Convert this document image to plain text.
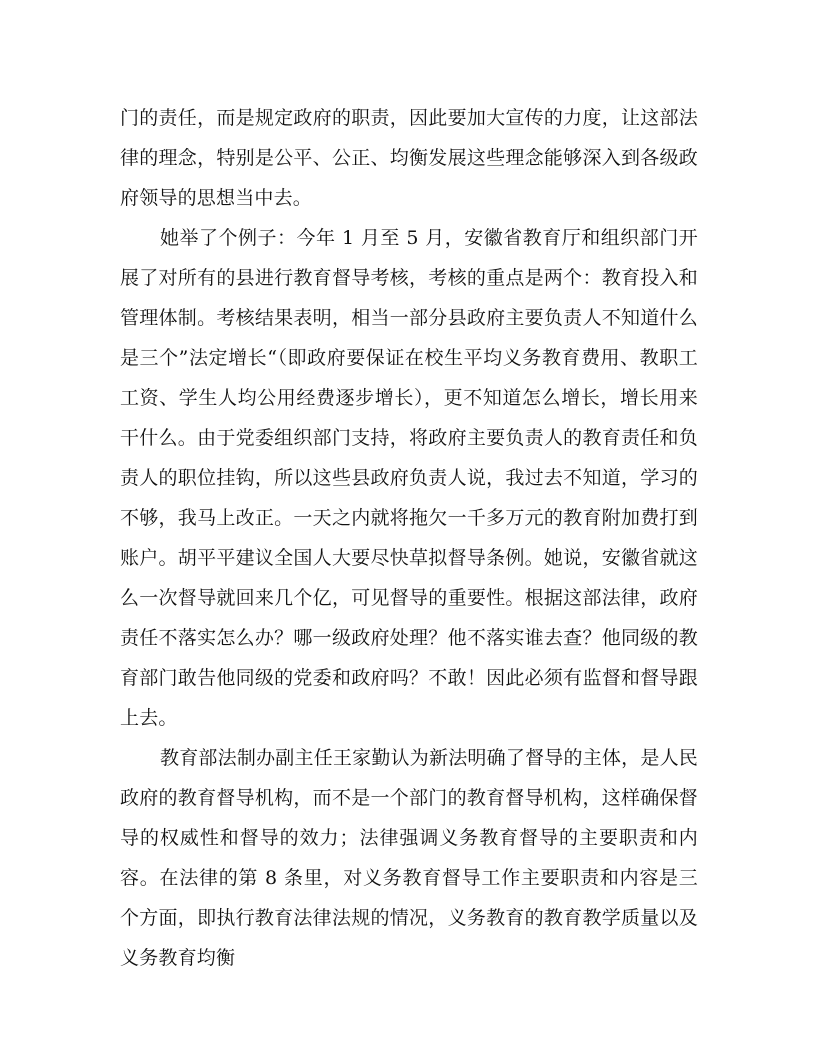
门的责任，而是规定政府的职责，因此要加大宣传的力度，让这部法律的理念，特别是公平、公正、均衡发展这些理念能够深入到各级政府领导的思想当中去。

她举了个例子：今年 1 月至 5 月，安徽省教育厅和组织部门开展了对所有的县进行教育督导考核，考核的重点是两个：教育投入和管理体制。考核结果表明，相当一部分县政府主要负责人不知道什么是三个”法定增长“（即政府要保证在校生平均义务教育费用、教职工工资、学生人均公用经费逐步增长），更不知道怎么增长，增长用来干什么。由于党委组织部门支持，将政府主要负责人的教育责任和负责人的职位挂钩，所以这些县政府负责人说，我过去不知道，学习的不够，我马上改正。一天之内就将拖欠一千多万元的教育附加费打到账户。胡平平建议全国人大要尽快草拟督导条例。她说，安徽省就这么一次督导就回来几个亿，可见督导的重要性。根据这部法律，政府责任不落实怎么办？哪一级政府处理？他不落实谁去查？他同级的教育部门敢告他同级的党委和政府吗？不敢！因此必须有监督和督导跟上去。

教育部法制办副主任王家勤认为新法明确了督导的主体，是人民政府的教育督导机构，而不是一个部门的教育督导机构，这样确保督导的权威性和督导的效力；法律强调义务教育督导的主要职责和内容。在法律的第 8 条里，对义务教育督导工作主要职责和内容是三个方面，即执行教育法律法规的情况，义务教育的教育教学质量以及义务教育均衡
